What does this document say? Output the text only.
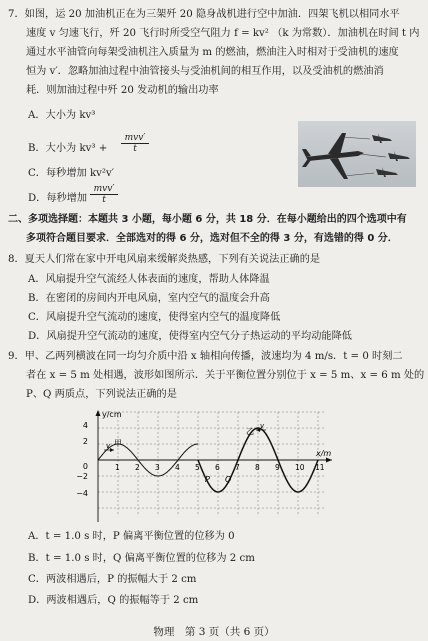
7．如图，运 20 加油机正在为三架歼 20 隐身战机进行空中加油．四架飞机以相同水平
速度 v 匀速飞行，歼 20 飞行时所受空气阻力 f = kv² （k 为常数）．加油机在时间 t 内
通过水平油管向每架受油机注入质量为 m 的燃油，燃油注入时相对于受油机的速度
恒为 v′．忽略加油过程中油管接头与受油机间的相互作用，以及受油机的燃油消
耗．则加油过程中歼 20 发动机的输出功率
A．大小为 kv³
B．大小为 kv³ +
mvv′
t
C．每秒增加 kv²v′
D．每秒增加
mvv′
t
二、多项选择题：本题共 3 小题，每小题 6 分，共 18 分．在每小题给出的四个选项中有
多项符合题目要求．全部选对的得 6 分，选对但不全的得 3 分，有选错的得 0 分．
8．夏天人们常在家中开电风扇来缓解炎热感，下列有关说法正确的是
A．风扇提升空气流经人体表面的速度，帮助人体降温
B．在密闭的房间内开电风扇，室内空气的温度会升高
C．风扇提升空气流动的速度，使得室内空气的温度降低
D．风扇提升空气流动的速度，使得室内空气分子热运动的平均动能降低
9．甲、乙两列横波在同一均匀介质中沿 x 轴相向传播，波速均为 4 m/s．t = 0 时刻二
者在 x = 5 m 处相遇，波形如图所示．关于平衡位置分别位于 x = 5 m、x = 6 m 处的
P、Q 两质点，下列说法正确的是
y/cm
x/m
4
2
0
−2
−4
1 2 3 4 5 6 7 8 9 10 11
甲
v
乙
v
P Q
A．t = 1.0 s 时，P 偏离平衡位置的位移为 0
B．t = 1.0 s 时，Q 偏离平衡位置的位移为 2 cm
C．两波相遇后，P 的振幅大于 2 cm
D．两波相遇后，Q 的振幅等于 2 cm
物理　第 3 页（共 6 页）
